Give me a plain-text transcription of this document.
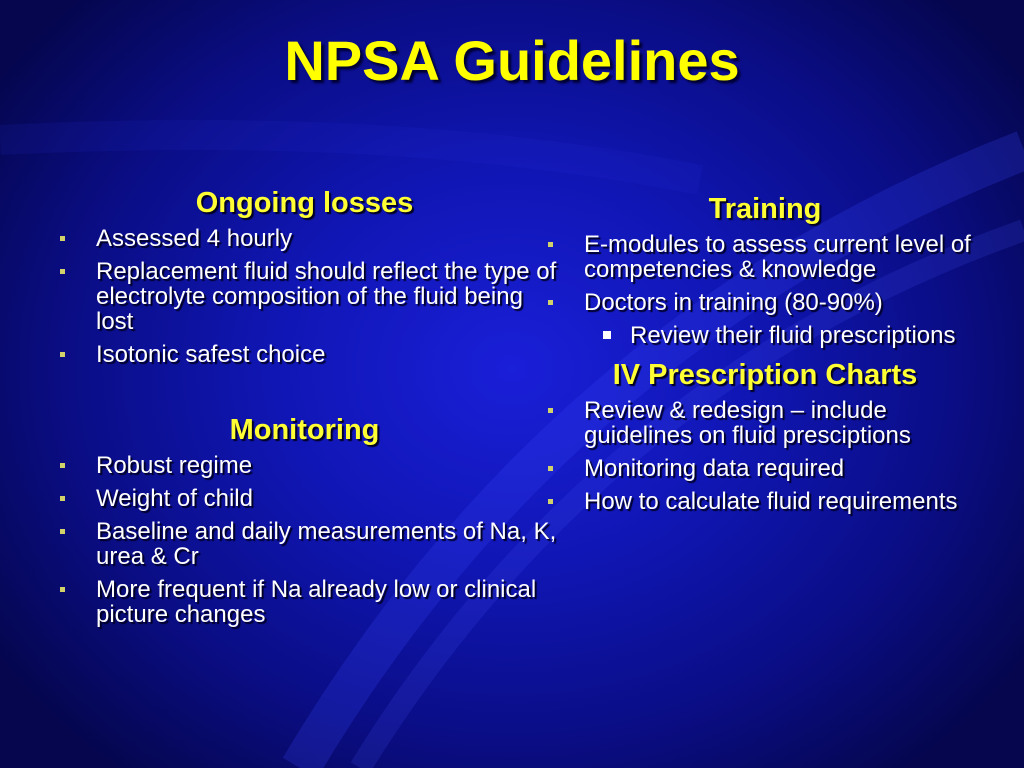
NPSA Guidelines
Ongoing losses
Assessed 4 hourly
Replacement fluid should reflect the type of electrolyte composition of the fluid being lost
Isotonic safest choice
Monitoring
Robust regime
Weight of child
Baseline and daily measurements of Na, K, urea & Cr
More frequent if Na already low or clinical picture changes
Training
E-modules to assess current level of competencies & knowledge
Doctors in training (80-90%)
Review their fluid prescriptions
IV Prescription Charts
Review & redesign – include guidelines on fluid presciptions
Monitoring data required
How to calculate fluid requirements
